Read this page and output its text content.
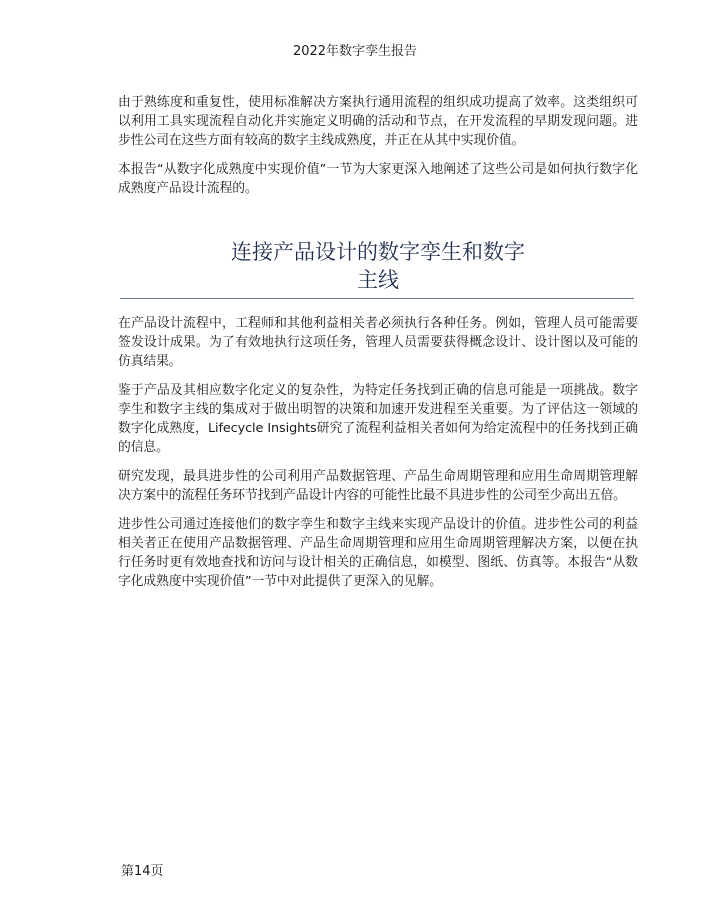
2022年数字孪生报告

由于熟练度和重复性，使用标准解决方案执行通用流程的组织成功提高了效率。这类组织可以利用工具实现流程自动化并实施定义明确的活动和节点，在开发流程的早期发现问题。进步性公司在这些方面有较高的数字主线成熟度，并正在从其中实现价值。

本报告“从数字化成熟度中实现价值”一节为大家更深入地阐述了这些公司是如何执行数字化成熟度产品设计流程的。

连接产品设计的数字孪生和数字
主线

在产品设计流程中，工程师和其他利益相关者必须执行各种任务。例如，管理人员可能需要签发设计成果。为了有效地执行这项任务，管理人员需要获得概念设计、设计图以及可能的仿真结果。

鉴于产品及其相应数字化定义的复杂性，为特定任务找到正确的信息可能是一项挑战。数字孪生和数字主线的集成对于做出明智的决策和加速开发进程至关重要。为了评估这一领域的数字化成熟度，Lifecycle Insights研究了流程利益相关者如何为给定流程中的任务找到正确的信息。

研究发现，最具进步性的公司利用产品数据管理、产品生命周期管理和应用生命周期管理解决方案中的流程任务环节找到产品设计内容的可能性比最不具进步性的公司至少高出五倍。

进步性公司通过连接他们的数字孪生和数字主线来实现产品设计的价值。进步性公司的利益相关者正在使用产品数据管理、产品生命周期管理和应用生命周期管理解决方案，以便在执行任务时更有效地查找和访问与设计相关的正确信息，如模型、图纸、仿真等。本报告“从数字化成熟度中实现价值”一节中对此提供了更深入的见解。

第14页
